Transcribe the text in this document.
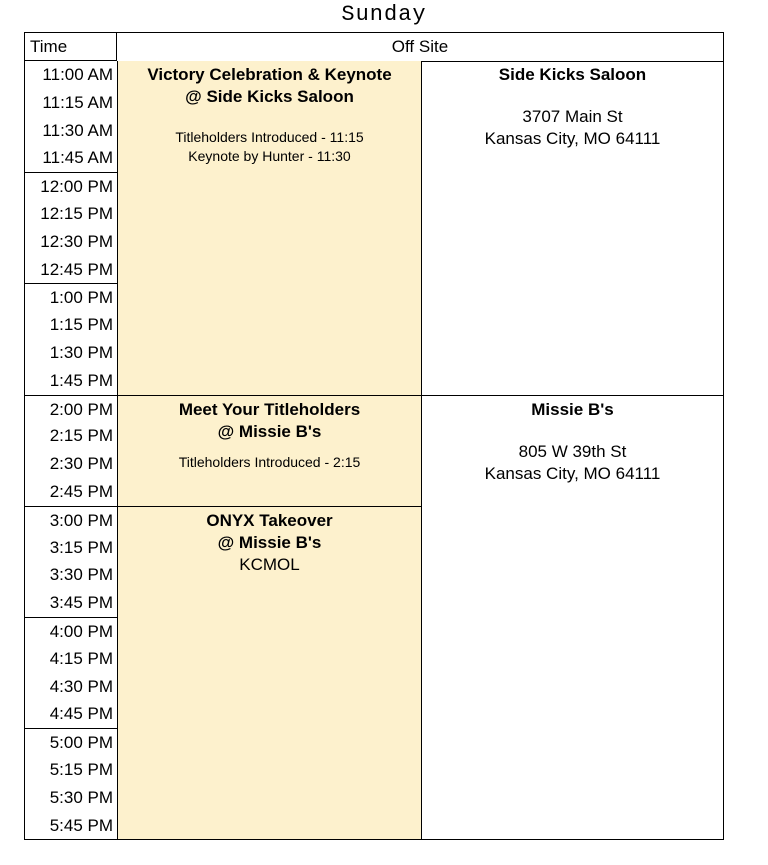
Sunday
Time	Off Site
11:00 AM
11:15 AM
11:30 AM
11:45 AM
12:00 PM
12:15 PM
12:30 PM
12:45 PM
1:00 PM
1:15 PM
1:30 PM
1:45 PM
2:00 PM
2:15 PM
2:30 PM
2:45 PM
3:00 PM
3:15 PM
3:30 PM
3:45 PM
4:00 PM
4:15 PM
4:30 PM
4:45 PM
5:00 PM
5:15 PM
5:30 PM
5:45 PM
Victory Celebration & Keynote
@ Side Kicks Saloon
Titleholders Introduced - 11:15
Keynote by Hunter - 11:30
Meet Your Titleholders
@ Missie B's
Titleholders Introduced - 2:15
ONYX Takeover
@ Missie B's
KCMOL
Side Kicks Saloon
3707 Main St
Kansas City, MO 64111
Missie B's
805 W 39th St
Kansas City, MO 64111
